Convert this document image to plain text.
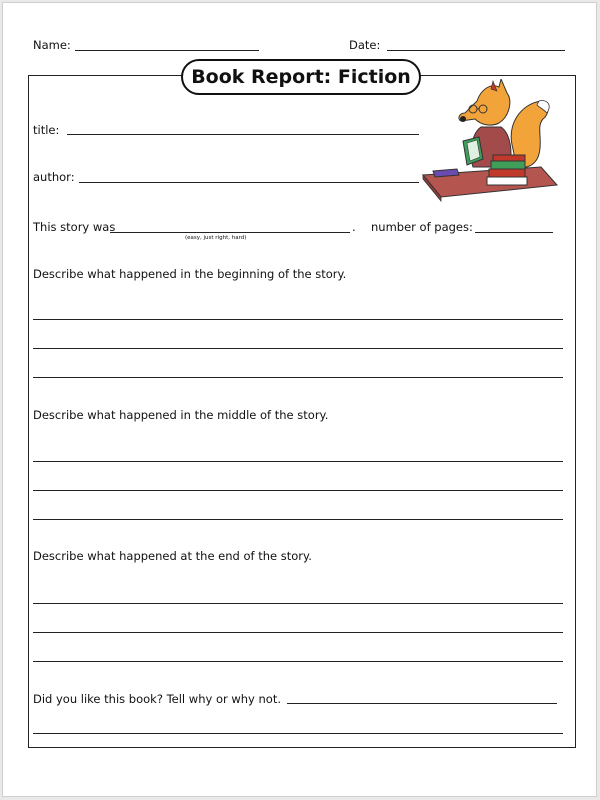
Name:	Date:
Book Report: Fiction
title:
author:
This story was	.
(easy, just right, hard)
number of pages:
Describe what happened in the beginning of the story.
Describe what happened in the middle of the story.
Describe what happened at the end of the story.
Did you like this book? Tell why or why not.
